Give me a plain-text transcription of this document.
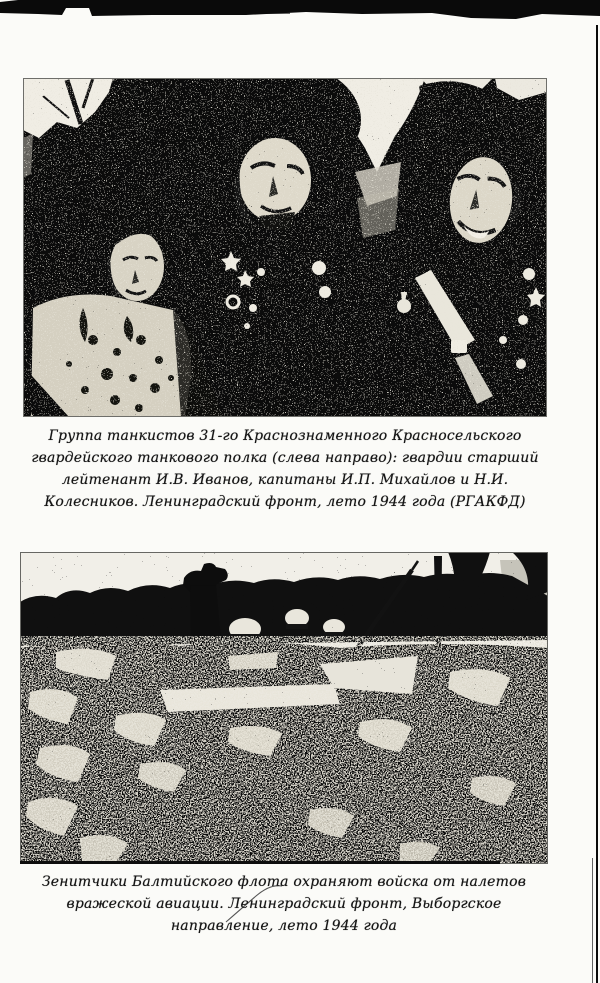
Группа танкистов 31-го Краснознаменного Красносельского
гвардейского танкового полка (слева направо): гвардии старший
лейтенант И.В. Иванов, капитаны И.П. Михайлов и Н.И.
Колесников. Ленинградский фронт, лето 1944 года (РГАКФД)
Зенитчики Балтийского флота охраняют войска от налетов
вражеской авиации. Ленинградский фронт, Выборгское
направление, лето 1944 года
